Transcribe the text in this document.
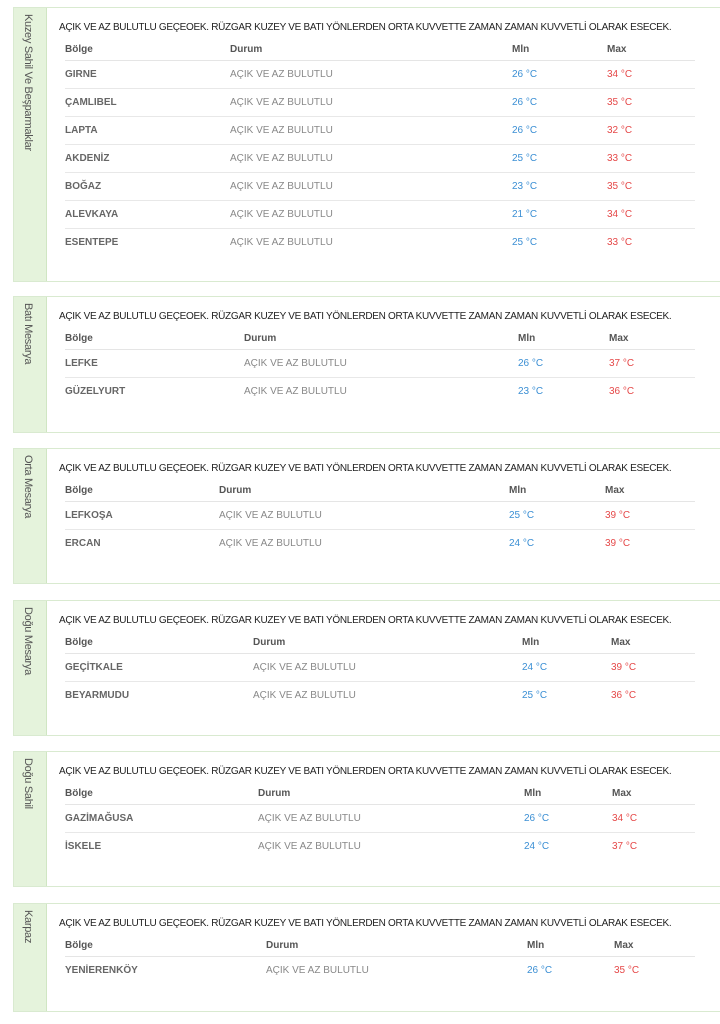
Kuzey Sahil Ve Beşparmaklar	AÇIK VE AZ BULUTLU GEÇEOEK. RÜZGAR KUZEY VE BATI YÖNLERDEN ORTA KUVVETTE ZAMAN ZAMAN KUVVETLİ OLARAK ESECEK.
Bölge	Durum	Mln	Max
GIRNE	AÇIK VE AZ BULUTLU	26 °C	34 °C
ÇAMLIBEL	AÇIK VE AZ BULUTLU	26 °C	35 °C
LAPTA	AÇIK VE AZ BULUTLU	26 °C	32 °C
AKDENİZ	AÇIK VE AZ BULUTLU	25 °C	33 °C
BOĞAZ	AÇIK VE AZ BULUTLU	23 °C	35 °C
ALEVKAYA	AÇIK VE AZ BULUTLU	21 °C	34 °C
ESENTEPE	AÇIK VE AZ BULUTLU	25 °C	33 °C
Batı Mesarya	AÇIK VE AZ BULUTLU GEÇEOEK. RÜZGAR KUZEY VE BATI YÖNLERDEN ORTA KUVVETTE ZAMAN ZAMAN KUVVETLİ OLARAK ESECEK.
Bölge	Durum	Mln	Max
LEFKE	AÇIK VE AZ BULUTLU	26 °C	37 °C
GÜZELYURT	AÇIK VE AZ BULUTLU	23 °C	36 °C
Orta Mesarya	AÇIK VE AZ BULUTLU GEÇEOEK. RÜZGAR KUZEY VE BATI YÖNLERDEN ORTA KUVVETTE ZAMAN ZAMAN KUVVETLİ OLARAK ESECEK.
Bölge	Durum	Mln	Max
LEFKOŞA	AÇIK VE AZ BULUTLU	25 °C	39 °C
ERCAN	AÇIK VE AZ BULUTLU	24 °C	39 °C
Doğu Mesarya	AÇIK VE AZ BULUTLU GEÇEOEK. RÜZGAR KUZEY VE BATI YÖNLERDEN ORTA KUVVETTE ZAMAN ZAMAN KUVVETLİ OLARAK ESECEK.
Bölge	Durum	Mln	Max
GEÇİTKALE	AÇIK VE AZ BULUTLU	24 °C	39 °C
BEYARMUDU	AÇIK VE AZ BULUTLU	25 °C	36 °C
Doğu Sahil	AÇIK VE AZ BULUTLU GEÇEOEK. RÜZGAR KUZEY VE BATI YÖNLERDEN ORTA KUVVETTE ZAMAN ZAMAN KUVVETLİ OLARAK ESECEK.
Bölge	Durum	Mln	Max
GAZİMAĞUSA	AÇIK VE AZ BULUTLU	26 °C	34 °C
İSKELE	AÇIK VE AZ BULUTLU	24 °C	37 °C
Karpaz	AÇIK VE AZ BULUTLU GEÇEOEK. RÜZGAR KUZEY VE BATI YÖNLERDEN ORTA KUVVETTE ZAMAN ZAMAN KUVVETLİ OLARAK ESECEK.
Bölge	Durum	Mln	Max
YENİERENKÖY	AÇIK VE AZ BULUTLU	26 °C	35 °C
